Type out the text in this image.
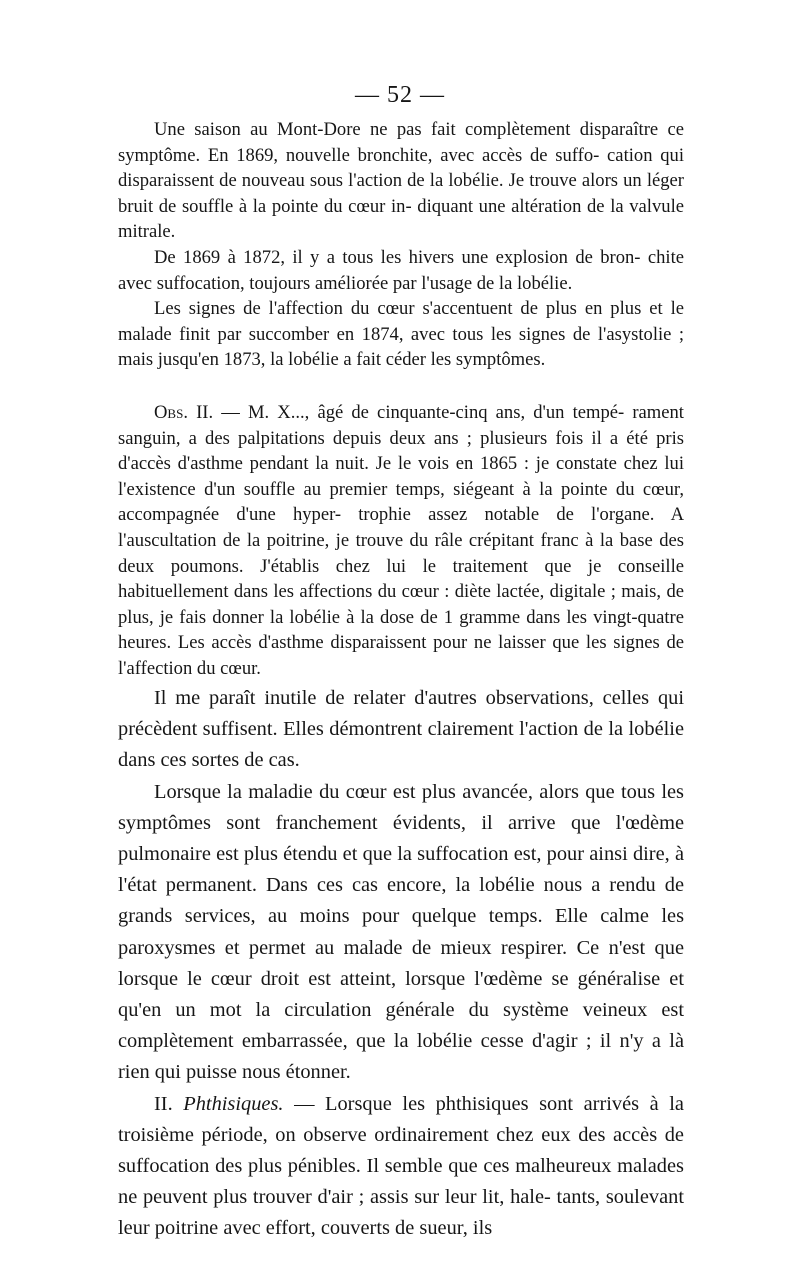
— 52 —

Une saison au Mont-Dore ne pas fait complètement disparaître ce symptôme. En 1869, nouvelle bronchite, avec accès de suffo- cation qui disparaissent de nouveau sous l'action de la lobélie. Je trouve alors un léger bruit de souffle à la pointe du cœur in- diquant une altération de la valvule mitrale.

De 1869 à 1872, il y a tous les hivers une explosion de bron- chite avec suffocation, toujours améliorée par l'usage de la lobélie.

Les signes de l'affection du cœur s'accentuent de plus en plus et le malade finit par succomber en 1874, avec tous les signes de l'asystolie ; mais jusqu'en 1873, la lobélie a fait céder les symptômes.

Obs. II. — M. X..., âgé de cinquante-cinq ans, d'un tempé- rament sanguin, a des palpitations depuis deux ans ; plusieurs fois il a été pris d'accès d'asthme pendant la nuit. Je le vois en 1865 : je constate chez lui l'existence d'un souffle au premier temps, siégeant à la pointe du cœur, accompagnée d'une hyper- trophie assez notable de l'organe. A l'auscultation de la poitrine, je trouve du râle crépitant franc à la base des deux poumons. J'établis chez lui le traitement que je conseille habituellement dans les affections du cœur : diète lactée, digitale ; mais, de plus, je fais donner la lobélie à la dose de 1 gramme dans les vingt-quatre heures. Les accès d'asthme disparaissent pour ne laisser que les signes de l'affection du cœur.

Il me paraît inutile de relater d'autres observations, celles qui précèdent suffisent. Elles démontrent clairement l'action de la lobélie dans ces sortes de cas.

Lorsque la maladie du cœur est plus avancée, alors que tous les symptômes sont franchement évidents, il arrive que l'œdème pulmonaire est plus étendu et que la suffocation est, pour ainsi dire, à l'état permanent. Dans ces cas encore, la lobélie nous a rendu de grands services, au moins pour quelque temps. Elle calme les paroxysmes et permet au malade de mieux respirer. Ce n'est que lorsque le cœur droit est atteint, lorsque l'œdème se généralise et qu'en un mot la circulation générale du système veineux est complètement embarrassée, que la lobélie cesse d'agir ; il n'y a là rien qui puisse nous étonner.

II. Phthisiques. — Lorsque les phthisiques sont arrivés à la troisième période, on observe ordinairement chez eux des accès de suffocation des plus pénibles. Il semble que ces malheureux malades ne peuvent plus trouver d'air ; assis sur leur lit, hale- tants, soulevant leur poitrine avec effort, couverts de sueur, ils
